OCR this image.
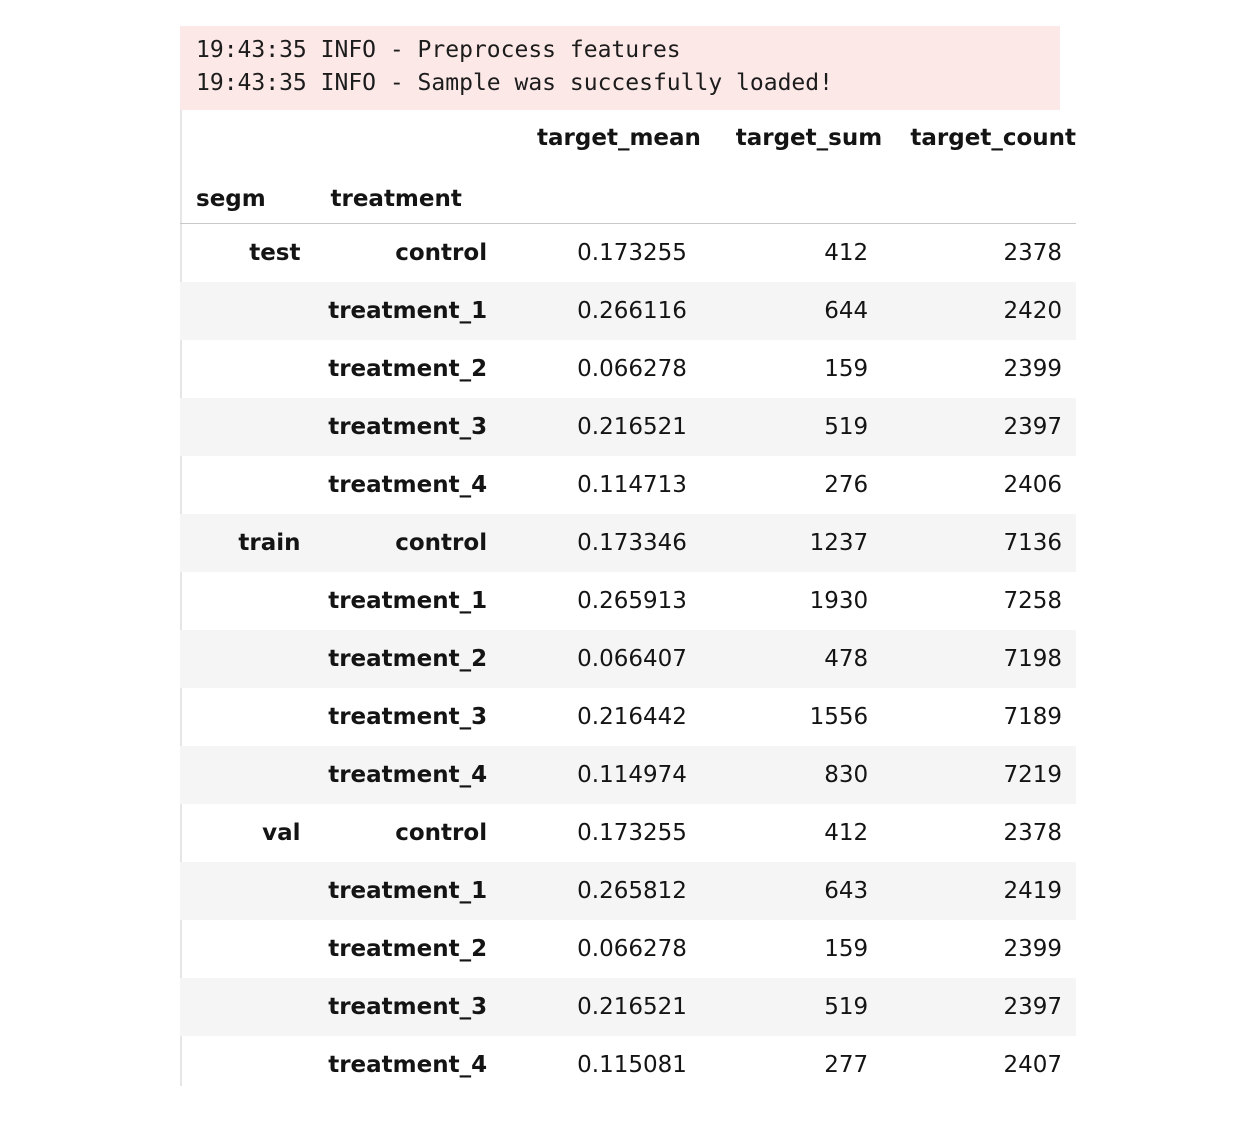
19:43:35 INFO - Preprocess features
19:43:35 INFO - Sample was succesfully loaded!
		target_mean	target_sum	target_count
segm	treatment			

test	control	0.173255	412	2378
	treatment_1	0.266116	644	2420
	treatment_2	0.066278	159	2399
	treatment_3	0.216521	519	2397
	treatment_4	0.114713	276	2406
train	control	0.173346	1237	7136
	treatment_1	0.265913	1930	7258
	treatment_2	0.066407	478	7198
	treatment_3	0.216442	1556	7189
	treatment_4	0.114974	830	7219
val	control	0.173255	412	2378
	treatment_1	0.265812	643	2419
	treatment_2	0.066278	159	2399
	treatment_3	0.216521	519	2397
	treatment_4	0.115081	277	2407
